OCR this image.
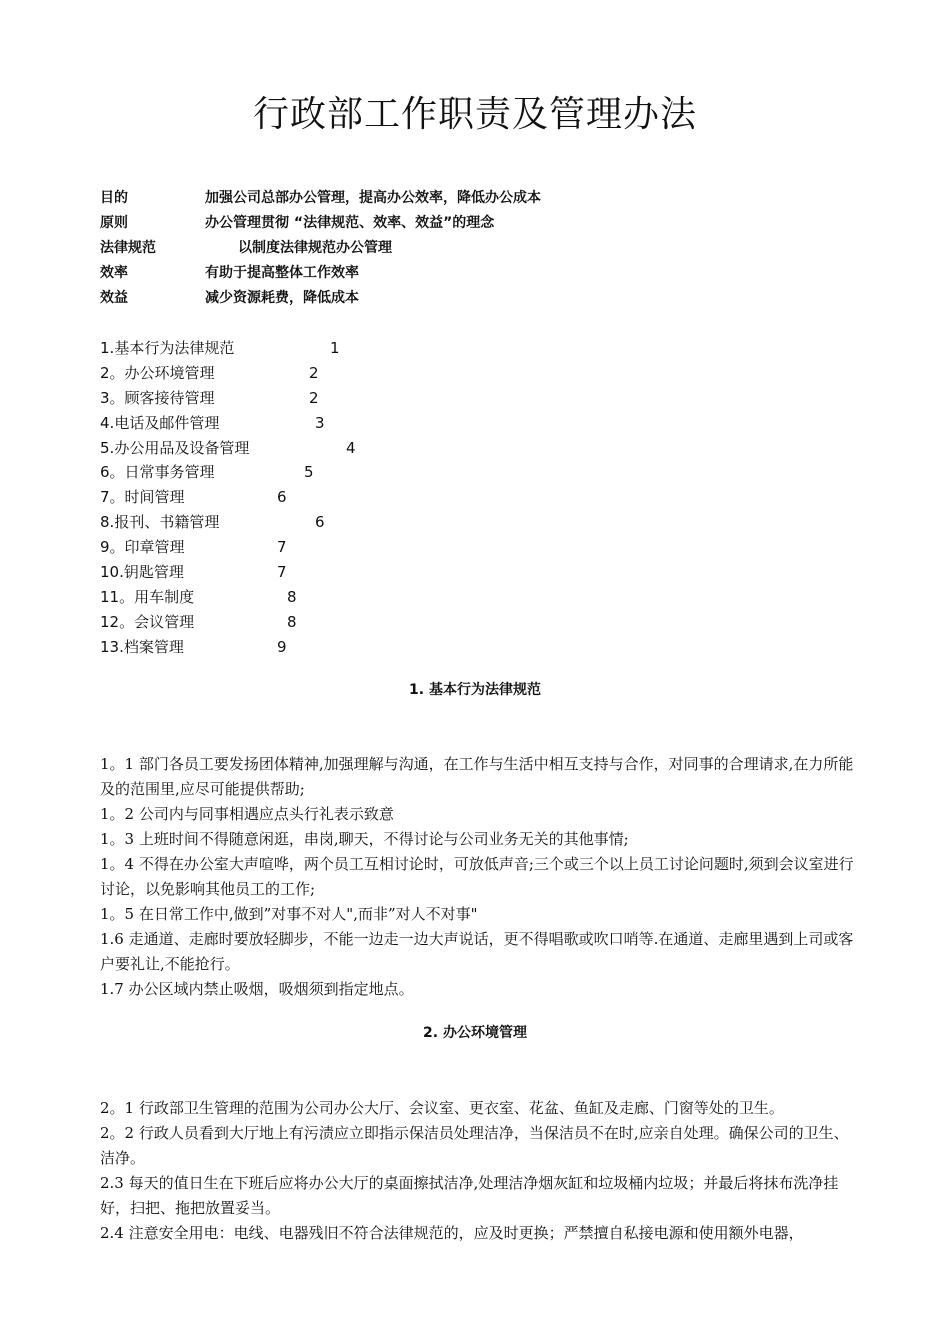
行政部工作职责及管理办法
目的	加强公司总部办公管理，提高办公效率，降低办公成本
原则	办公管理贯彻 “法律规范、效率、效益”的理念
法律规范	以制度法律规范办公管理
效率	有助于提高整体工作效率
效益	减少资源耗费，降低成本
1.基本行为法律规范	1
2。办公环境管理	2
3。顾客接待管理	2
4.电话及邮件管理	3
5.办公用品及设备管理	4
6。日常事务管理	5
7。时间管理	6
8.报刊、书籍管理	6
9。印章管理	7
10.钥匙管理	7
11。用车制度	8
12。会议管理	8
13.档案管理	9
1. 基本行为法律规范

1。1 部门各员工要发扬团体精神,加强理解与沟通，在工作与生活中相互支持与合作，对同事的合理请求,在力所能及的范围里,应尽可能提供帮助;

1。2 公司内与同事相遇应点头行礼表示致意

1。3 上班时间不得随意闲逛，串岗,聊天，不得讨论与公司业务无关的其他事情;

1。4 不得在办公室大声喧哗，两个员工互相讨论时，可放低声音;三个或三个以上员工讨论问题时,须到会议室进行讨论，以免影响其他员工的工作;

1。5 在日常工作中,做到”对事不对人",而非”对人不对事"

1.6 走通道、走廊时要放轻脚步，不能一边走一边大声说话，更不得唱歌或吹口哨等.在通道、走廊里遇到上司或客户要礼让,不能抢行。

1.7 办公区域内禁止吸烟，吸烟须到指定地点。

2. 办公环境管理

2。1 行政部卫生管理的范围为公司办公大厅、会议室、更衣室、花盆、鱼缸及走廊、门窗等处的卫生。

2。2 行政人员看到大厅地上有污渍应立即指示保洁员处理洁净，当保洁员不在时,应亲自处理。确保公司的卫生、洁净。

2.3 每天的值日生在下班后应将办公大厅的桌面擦拭洁净,处理洁净烟灰缸和垃圾桶内垃圾；并最后将抹布洗净挂好，扫把、拖把放置妥当。

2.4 注意安全用电：电线、电器残旧不符合法律规范的，应及时更换；严禁擅自私接电源和使用额外电器，
